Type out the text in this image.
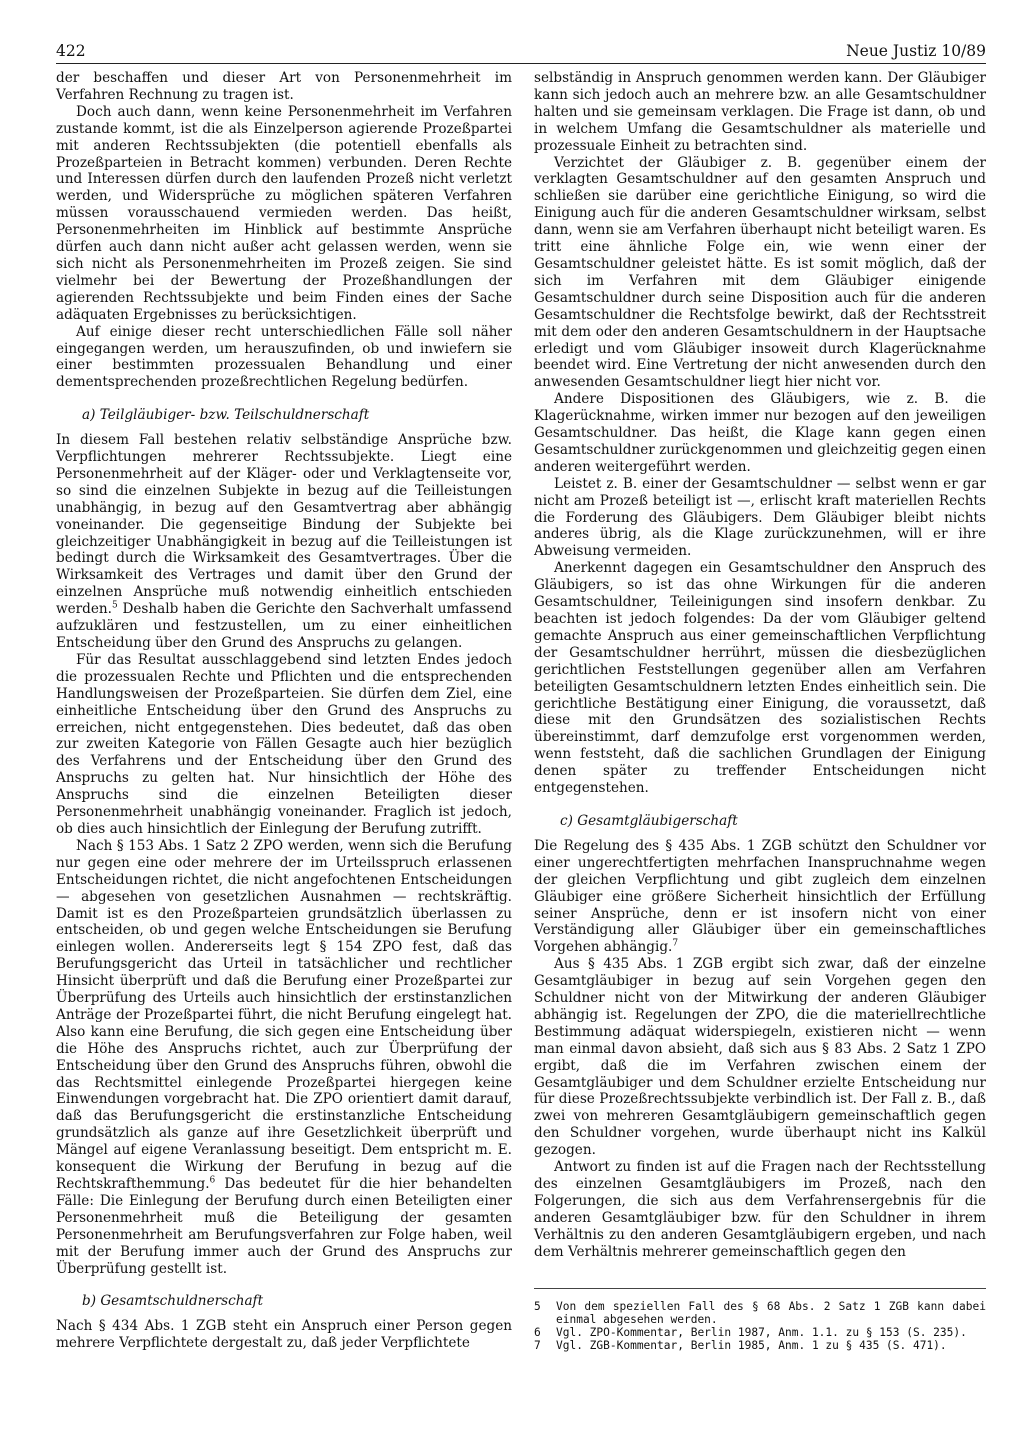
422	Neue Justiz 10/89

der beschaffen und dieser Art von Personenmehrheit im Verfahren Rechnung zu tragen ist.

Doch auch dann, wenn keine Personenmehrheit im Verfahren zustande kommt, ist die als Einzelperson agierende Prozeßpartei mit anderen Rechtssubjekten (die potentiell ebenfalls als Prozeßparteien in Betracht kommen) verbunden. Deren Rechte und Interessen dürfen durch den laufenden Prozeß nicht verletzt werden, und Widersprüche zu möglichen späteren Verfahren müssen vorausschauend vermieden werden. Das heißt, Personenmehrheiten im Hinblick auf bestimmte Ansprüche dürfen auch dann nicht außer acht gelassen werden, wenn sie sich nicht als Personenmehrheiten im Prozeß zeigen. Sie sind vielmehr bei der Bewertung der Prozeßhandlungen der agierenden Rechtssubjekte und beim Finden eines der Sache adäquaten Ergebnisses zu berücksichtigen.

Auf einige dieser recht unterschiedlichen Fälle soll näher eingegangen werden, um herauszufinden, ob und inwiefern sie einer bestimmten prozessualen Behandlung und einer dementsprechenden prozeßrechtlichen Regelung bedürfen.

a) Teilgläubiger- bzw. Teilschuldnerschaft

In diesem Fall bestehen relativ selbständige Ansprüche bzw. Verpflichtungen mehrerer Rechtssubjekte. Liegt eine Personenmehrheit auf der Kläger- oder und Verklagtenseite vor, so sind die einzelnen Subjekte in bezug auf die Teilleistungen unabhängig, in bezug auf den Gesamtvertrag aber abhängig voneinander. Die gegenseitige Bindung der Subjekte bei gleichzeitiger Unabhängigkeit in bezug auf die Teilleistungen ist bedingt durch die Wirksamkeit des Gesamtvertrages. Über die Wirksamkeit des Vertrages und damit über den Grund der einzelnen Ansprüche muß notwendig einheitlich entschieden werden.$^5$ Deshalb haben die Gerichte den Sachverhalt umfassend aufzuklären und festzustellen, um zu einer einheitlichen Entscheidung über den Grund des Anspruchs zu gelangen.

Für das Resultat ausschlaggebend sind letzten Endes jedoch die prozessualen Rechte und Pflichten und die entsprechenden Handlungsweisen der Prozeßparteien. Sie dürfen dem Ziel, eine einheitliche Entscheidung über den Grund des Anspruchs zu erreichen, nicht entgegenstehen. Dies bedeutet, daß das oben zur zweiten Kategorie von Fällen Gesagte auch hier bezüglich des Verfahrens und der Entscheidung über den Grund des Anspruchs zu gelten hat. Nur hinsichtlich der Höhe des Anspruchs sind die einzelnen Beteiligten dieser Personenmehrheit unabhängig voneinander. Fraglich ist jedoch, ob dies auch hinsichtlich der Einlegung der Berufung zutrifft.

Nach § 153 Abs. 1 Satz 2 ZPO werden, wenn sich die Berufung nur gegen eine oder mehrere der im Urteilsspruch erlassenen Entscheidungen richtet, die nicht angefochtenen Entscheidungen — abgesehen von gesetzlichen Ausnahmen — rechtskräftig. Damit ist es den Prozeßparteien grundsätzlich überlassen zu entscheiden, ob und gegen welche Entscheidungen sie Berufung einlegen wollen. Andererseits legt § 154 ZPO fest, daß das Berufungsgericht das Urteil in tatsächlicher und rechtlicher Hinsicht überprüft und daß die Berufung einer Prozeßpartei zur Überprüfung des Urteils auch hinsichtlich der erstinstanzlichen Anträge der Prozeßpartei führt, die nicht Berufung eingelegt hat. Also kann eine Berufung, die sich gegen eine Entscheidung über die Höhe des Anspruchs richtet, auch zur Überprüfung der Entscheidung über den Grund des Anspruchs führen, obwohl die das Rechtsmittel einlegende Prozeßpartei hiergegen keine Einwendungen vorgebracht hat. Die ZPO orientiert damit darauf, daß das Berufungsgericht die erstinstanzliche Entscheidung grundsätzlich als ganze auf ihre Gesetzlichkeit überprüft und Mängel auf eigene Veranlassung beseitigt. Dem entspricht m. E. konsequent die Wirkung der Berufung in bezug auf die Rechtskrafthemmung.$^6$ Das bedeutet für die hier behandelten Fälle: Die Einlegung der Berufung durch einen Beteiligten einer Personenmehrheit muß die Beteiligung der gesamten Personenmehrheit am Berufungsverfahren zur Folge haben, weil mit der Berufung immer auch der Grund des Anspruchs zur Überprüfung gestellt ist.

b) Gesamtschuldnerschaft

Nach § 434 Abs. 1 ZGB steht ein Anspruch einer Person gegen mehrere Verpflichtete dergestalt zu, daß jeder Verpflichtete

selbständig in Anspruch genommen werden kann. Der Gläubiger kann sich jedoch auch an mehrere bzw. an alle Gesamtschuldner halten und sie gemeinsam verklagen. Die Frage ist dann, ob und in welchem Umfang die Gesamtschuldner als materielle und prozessuale Einheit zu betrachten sind.

Verzichtet der Gläubiger z. B. gegenüber einem der verklagten Gesamtschuldner auf den gesamten Anspruch und schließen sie darüber eine gerichtliche Einigung, so wird die Einigung auch für die anderen Gesamtschuldner wirksam, selbst dann, wenn sie am Verfahren überhaupt nicht beteiligt waren. Es tritt eine ähnliche Folge ein, wie wenn einer der Gesamtschuldner geleistet hätte. Es ist somit möglich, daß der sich im Verfahren mit dem Gläubiger einigende Gesamtschuldner durch seine Disposition auch für die anderen Gesamtschuldner die Rechtsfolge bewirkt, daß der Rechtsstreit mit dem oder den anderen Gesamtschuldnern in der Hauptsache erledigt und vom Gläubiger insoweit durch Klagerücknahme beendet wird. Eine Vertretung der nicht anwesenden durch den anwesenden Gesamtschuldner liegt hier nicht vor.

Andere Dispositionen des Gläubigers, wie z. B. die Klagerücknahme, wirken immer nur bezogen auf den jeweiligen Gesamtschuldner. Das heißt, die Klage kann gegen einen Gesamtschuldner zurückgenommen und gleichzeitig gegen einen anderen weitergeführt werden.

Leistet z. B. einer der Gesamtschuldner — selbst wenn er gar nicht am Prozeß beteiligt ist —, erlischt kraft materiellen Rechts die Forderung des Gläubigers. Dem Gläubiger bleibt nichts anderes übrig, als die Klage zurückzunehmen, will er ihre Abweisung vermeiden.

Anerkennt dagegen ein Gesamtschuldner den Anspruch des Gläubigers, so ist das ohne Wirkungen für die anderen Gesamtschuldner, Teileinigungen sind insofern denkbar. Zu beachten ist jedoch folgendes: Da der vom Gläubiger geltend gemachte Anspruch aus einer gemeinschaftlichen Verpflichtung der Gesamtschuldner herrührt, müssen die diesbezüglichen gerichtlichen Feststellungen gegenüber allen am Verfahren beteiligten Gesamtschuldnern letzten Endes einheitlich sein. Die gerichtliche Bestätigung einer Einigung, die voraussetzt, daß diese mit den Grundsätzen des sozialistischen Rechts übereinstimmt, darf demzufolge erst vorgenommen werden, wenn feststeht, daß die sachlichen Grundlagen der Einigung denen später zu treffender Entscheidungen nicht entgegenstehen.

c) Gesamtgläubigerschaft

Die Regelung des § 435 Abs. 1 ZGB schützt den Schuldner vor einer ungerechtfertigten mehrfachen Inanspruchnahme wegen der gleichen Verpflichtung und gibt zugleich dem einzelnen Gläubiger eine größere Sicherheit hinsichtlich der Erfüllung seiner Ansprüche, denn er ist insofern nicht von einer Verständigung aller Gläubiger über ein gemeinschaftliches Vorgehen abhängig.$^7$

Aus § 435 Abs. 1 ZGB ergibt sich zwar, daß der einzelne Gesamtgläubiger in bezug auf sein Vorgehen gegen den Schuldner nicht von der Mitwirkung der anderen Gläubiger abhängig ist. Regelungen der ZPO, die die materiellrechtliche Bestimmung adäquat widerspiegeln, existieren nicht — wenn man einmal davon absieht, daß sich aus § 83 Abs. 2 Satz 1 ZPO ergibt, daß die im Verfahren zwischen einem der Gesamtgläubiger und dem Schuldner erzielte Entscheidung nur für diese Prozeßrechtssubjekte verbindlich ist. Der Fall z. B., daß zwei von mehreren Gesamtgläubigern gemeinschaftlich gegen den Schuldner vorgehen, wurde überhaupt nicht ins Kalkül gezogen.

Antwort zu finden ist auf die Fragen nach der Rechtsstellung des einzelnen Gesamtgläubigers im Prozeß, nach den Folgerungen, die sich aus dem Verfahrensergebnis für die anderen Gesamtgläubiger bzw. für den Schuldner in ihrem Verhältnis zu den anderen Gesamtgläubigern ergeben, und nach dem Verhältnis mehrerer gemeinschaftlich gegen den

5	Von dem speziellen Fall des § 68 Abs. 2 Satz 1 ZGB kann dabei einmal abgesehen werden.
6	Vgl. ZPO-Kommentar, Berlin 1987, Anm. 1.1. zu § 153 (S. 235).
7	Vgl. ZGB-Kommentar, Berlin 1985, Anm. 1 zu § 435 (S. 471).
